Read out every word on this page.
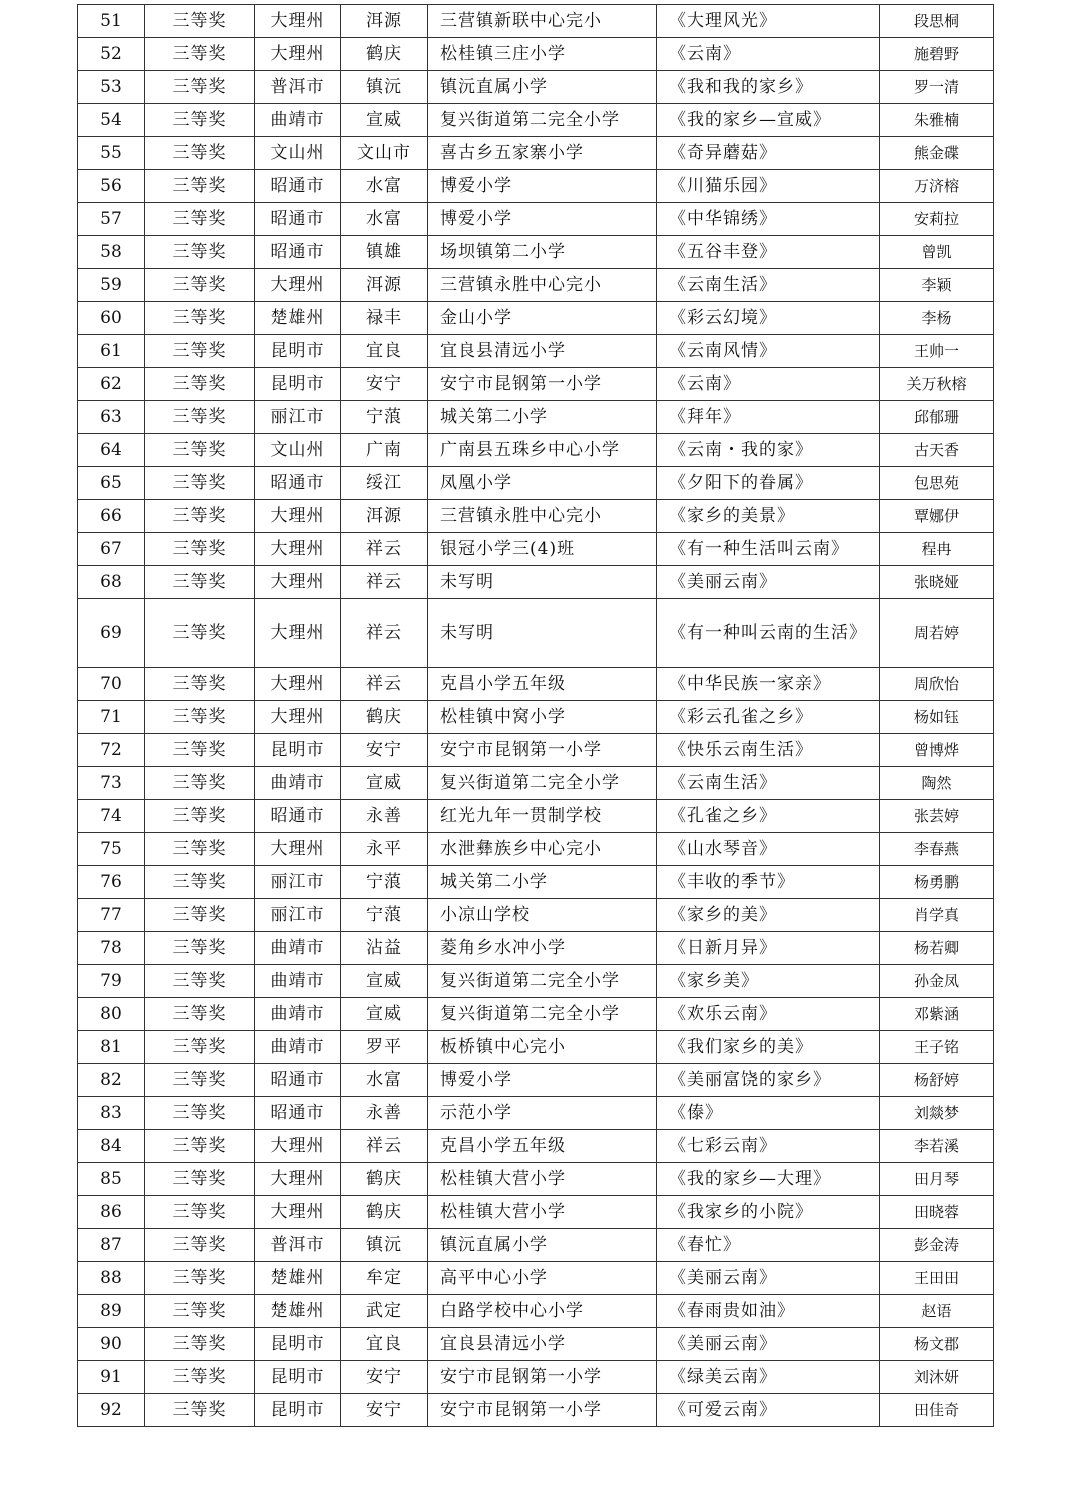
51	三等奖	大理州	洱源	三营镇新联中心完小	《大理风光》	段思桐
52	三等奖	大理州	鹤庆	松桂镇三庄小学	《云南》	施碧野
53	三等奖	普洱市	镇沅	镇沅直属小学	《我和我的家乡》	罗一清
54	三等奖	曲靖市	宣威	复兴街道第二完全小学	《我的家乡—宣威》	朱雅楠
55	三等奖	文山州	文山市	喜古乡五家寨小学	《奇异蘑菇》	熊金碟
56	三等奖	昭通市	水富	博爱小学	《川猫乐园》	万济榕
57	三等奖	昭通市	水富	博爱小学	《中华锦绣》	安莉拉
58	三等奖	昭通市	镇雄	场坝镇第二小学	《五谷丰登》	曾凯
59	三等奖	大理州	洱源	三营镇永胜中心完小	《云南生活》	李颖
60	三等奖	楚雄州	禄丰	金山小学	《彩云幻境》	李杨
61	三等奖	昆明市	宜良	宜良县清远小学	《云南风情》	王帅一
62	三等奖	昆明市	安宁	安宁市昆钢第一小学	《云南》	关万秋榕
63	三等奖	丽江市	宁蒗	城关第二小学	《拜年》	邱郁珊
64	三等奖	文山州	广南	广南县五珠乡中心小学	《云南・我的家》	古天香
65	三等奖	昭通市	绥江	凤凰小学	《夕阳下的眷属》	包思苑
66	三等奖	大理州	洱源	三营镇永胜中心完小	《家乡的美景》	覃娜伊
67	三等奖	大理州	祥云	银冠小学三(4)班	《有一种生活叫云南》	程冉
68	三等奖	大理州	祥云	未写明	《美丽云南》	张晓娅
69	三等奖	大理州	祥云	未写明	《有一种叫云南的生活》	周若婷
70	三等奖	大理州	祥云	克昌小学五年级	《中华民族一家亲》	周欣怡
71	三等奖	大理州	鹤庆	松桂镇中窝小学	《彩云孔雀之乡》	杨如钰
72	三等奖	昆明市	安宁	安宁市昆钢第一小学	《快乐云南生活》	曾博烨
73	三等奖	曲靖市	宣威	复兴街道第二完全小学	《云南生活》	陶然
74	三等奖	昭通市	永善	红光九年一贯制学校	《孔雀之乡》	张芸婷
75	三等奖	大理州	永平	水泄彝族乡中心完小	《山水琴音》	李春燕
76	三等奖	丽江市	宁蒗	城关第二小学	《丰收的季节》	杨勇鹏
77	三等奖	丽江市	宁蒗	小凉山学校	《家乡的美》	肖学真
78	三等奖	曲靖市	沾益	菱角乡水冲小学	《日新月异》	杨若卿
79	三等奖	曲靖市	宣威	复兴街道第二完全小学	《家乡美》	孙金凤
80	三等奖	曲靖市	宣威	复兴街道第二完全小学	《欢乐云南》	邓紫涵
81	三等奖	曲靖市	罗平	板桥镇中心完小	《我们家乡的美》	王子铭
82	三等奖	昭通市	水富	博爱小学	《美丽富饶的家乡》	杨舒婷
83	三等奖	昭通市	永善	示范小学	《傣》	刘燚梦
84	三等奖	大理州	祥云	克昌小学五年级	《七彩云南》	李若溪
85	三等奖	大理州	鹤庆	松桂镇大营小学	《我的家乡—大理》	田月琴
86	三等奖	大理州	鹤庆	松桂镇大营小学	《我家乡的小院》	田晓蓉
87	三等奖	普洱市	镇沅	镇沅直属小学	《春忙》	彭金涛
88	三等奖	楚雄州	牟定	高平中心小学	《美丽云南》	王田田
89	三等奖	楚雄州	武定	白路学校中心小学	《春雨贵如油》	赵语
90	三等奖	昆明市	宜良	宜良县清远小学	《美丽云南》	杨文郡
91	三等奖	昆明市	安宁	安宁市昆钢第一小学	《绿美云南》	刘沐妍
92	三等奖	昆明市	安宁	安宁市昆钢第一小学	《可爱云南》	田佳奇
